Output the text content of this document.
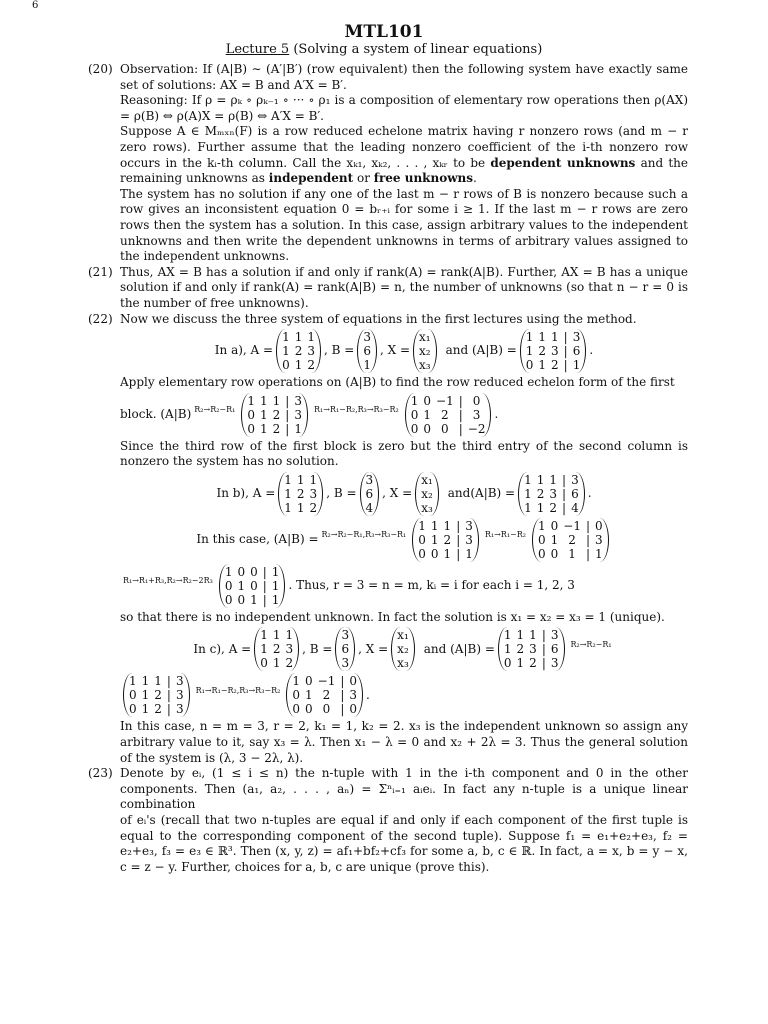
6
MTL101
Lecture 5 (Solving a system of linear equations)
(20) Observation: If (A|B) ∼ (A′|B′) (row equivalent) then the following system have exactly same set of solutions: AX = B and A′X = B′.

Reasoning: If ρ = ρₖ ∘ ρₖ₋₁ ∘ ··· ∘ ρ₁ is a composition of elementary row operations then ρ(AX) = ρ(B) ⇔ ρ(A)X = ρ(B) ⇔ A′X = B′.

Suppose A ∈ Mₘₓₙ(F) is a row reduced echelone matrix having r nonzero rows (and m − r zero rows). Further assume that the leading nonzero coefficient of the i-th nonzero row occurs in the kᵢ-th column. Call the xₖ₁, xₖ₂, . . . , xₖᵣ to be dependent unknowns and the remaining unknowns as independent or free unknowns.

The system has no solution if any one of the last m − r rows of B is nonzero because such a row gives an inconsistent equation 0 = bᵣ₊ᵢ for some i ≥ 1. If the last m − r rows are zero rows then the system has a solution. In this case, assign arbitrary values to the independent unknowns and then write the dependent unknowns in terms of arbitrary values assigned to the independent unknowns.

(21) Thus, AX = B has a solution if and only if rank(A) = rank(A|B). Further, AX = B has a unique solution if and only if rank(A) = rank(A|B) = n, the number of unknowns (so that n − r = 0 is the number of free unknowns).

(22) Now we discuss the three system of equations in the first lectures using the method.

In a), A =
1 1 1
1 2 3
0 1 2
, B =
3
6
1
, X =
x₁
x₂
x₃
and (A|B) =
1 1 1 | 3
1 2 3 | 6
0 1 2 | 1
.

Apply elementary row operations on (A|B) to find the row reduced echelon form of the first

block. (A|B) R₂→R₂−R₁
1 1 1 | 3
0 1 2 | 3
0 1 2 | 1
R₁→R₁−R₂,R₃→R₃−R₂
1 0 −1 | 0
0 1 2 | 3
0 0 0 | −2
.

Since the third row of the first block is zero but the third entry of the second column is nonzero the system has no solution.

In b), A =
1 1 1
1 2 3
1 1 2
, B =
3
6
4
, X =
x₁
x₂
x₃
and(A|B) =
1 1 1 | 3
1 2 3 | 6
1 1 2 | 4
.
In this case, (A|B) = R₂→R₂−R₁,R₃→R₃−R₁
1 1 1 | 3
0 1 2 | 3
0 0 1 | 1
R₁→R₁−R₂
1 0 −1 | 0
0 1 2 | 3
0 0 1 | 1
R₁→R₁+R₃,R₂→R₂−2R₃
1 0 0 | 1
0 1 0 | 1
0 0 1 | 1
. Thus, r = 3 = n = m, kᵢ = i for each i = 1, 2, 3

so that there is no independent unknown. In fact the solution is x₁ = x₂ = x₃ = 1 (unique).

In c), A =
1 1 1
1 2 3
0 1 2
, B =
3
6
3
, X =
x₁
x₂
x₃
and (A|B) =
1 1 1 | 3
1 2 3 | 6
0 1 2 | 3
R₂→R₂−R₁
1 1 1 | 3
0 1 2 | 3
0 1 2 | 3
R₁→R₁−R₂,R₃→R₃−R₂
1 0 −1 | 0
0 1 2 | 3
0 0 0 | 0
.

In this case, n = m = 3, r = 2, k₁ = 1, k₂ = 2. x₃ is the independent unknown so assign any arbitrary value to it, say x₃ = λ. Then x₁ − λ = 0 and x₂ + 2λ = 3. Thus the general solution of the system is (λ, 3 − 2λ, λ).

(23) Denote by eᵢ, (1 ≤ i ≤ n) the n-tuple with 1 in the i-th component and 0 in the other components. Then (a₁, a₂, . . . , aₙ) = Σⁿᵢ₌₁ aᵢeᵢ. In fact any n-tuple is a unique linear combination

of eᵢ's (recall that two n-tuples are equal if and only if each component of the first tuple is equal to the corresponding component of the second tuple). Suppose f₁ = e₁+e₂+e₃, f₂ = e₂+e₃, f₃ = e₃ ∈ ℝ³. Then (x, y, z) = af₁+bf₂+cf₃ for some a, b, c ∈ ℝ. In fact, a = x, b = y − x, c = z − y. Further, choices for a, b, c are unique (prove this).
